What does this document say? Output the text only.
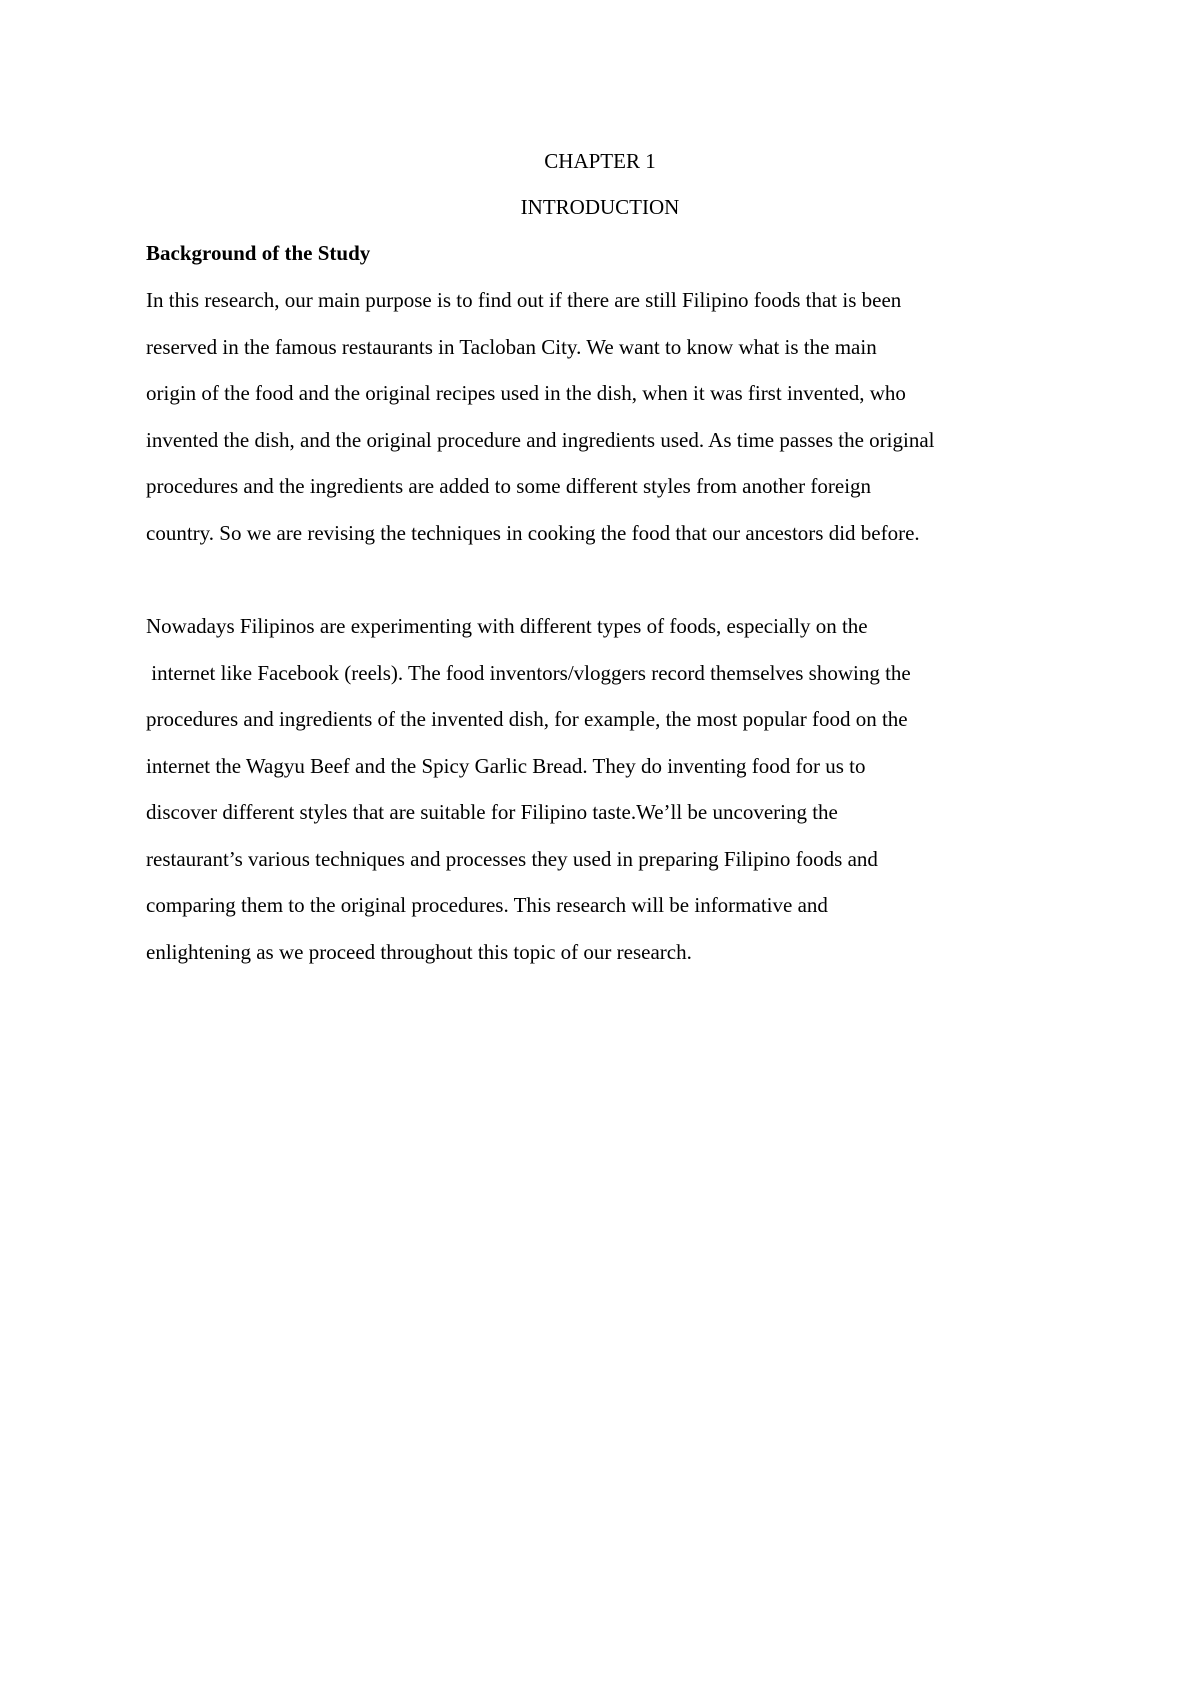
CHAPTER 1
INTRODUCTION
Background of the Study
In this research, our main purpose is to find out if there are still Filipino foods that is been
reserved in the famous restaurants in Tacloban City. We want to know what is the main
origin of the food and the original recipes used in the dish, when it was first invented, who
invented the dish, and the original procedure and ingredients used. As time passes the original
procedures and the ingredients are added to some different styles from another foreign
country. So we are revising the techniques in cooking the food that our ancestors did before.
Nowadays Filipinos are experimenting with different types of foods, especially on the
internet like Facebook (reels). The food inventors/vloggers record themselves showing the
procedures and ingredients of the invented dish, for example, the most popular food on the
internet the Wagyu Beef and the Spicy Garlic Bread. They do inventing food for us to
discover different styles that are suitable for Filipino taste.We’ll be uncovering the
restaurant’s various techniques and processes they used in preparing Filipino foods and
comparing them to the original procedures. This research will be informative and
enlightening as we proceed throughout this topic of our research.
